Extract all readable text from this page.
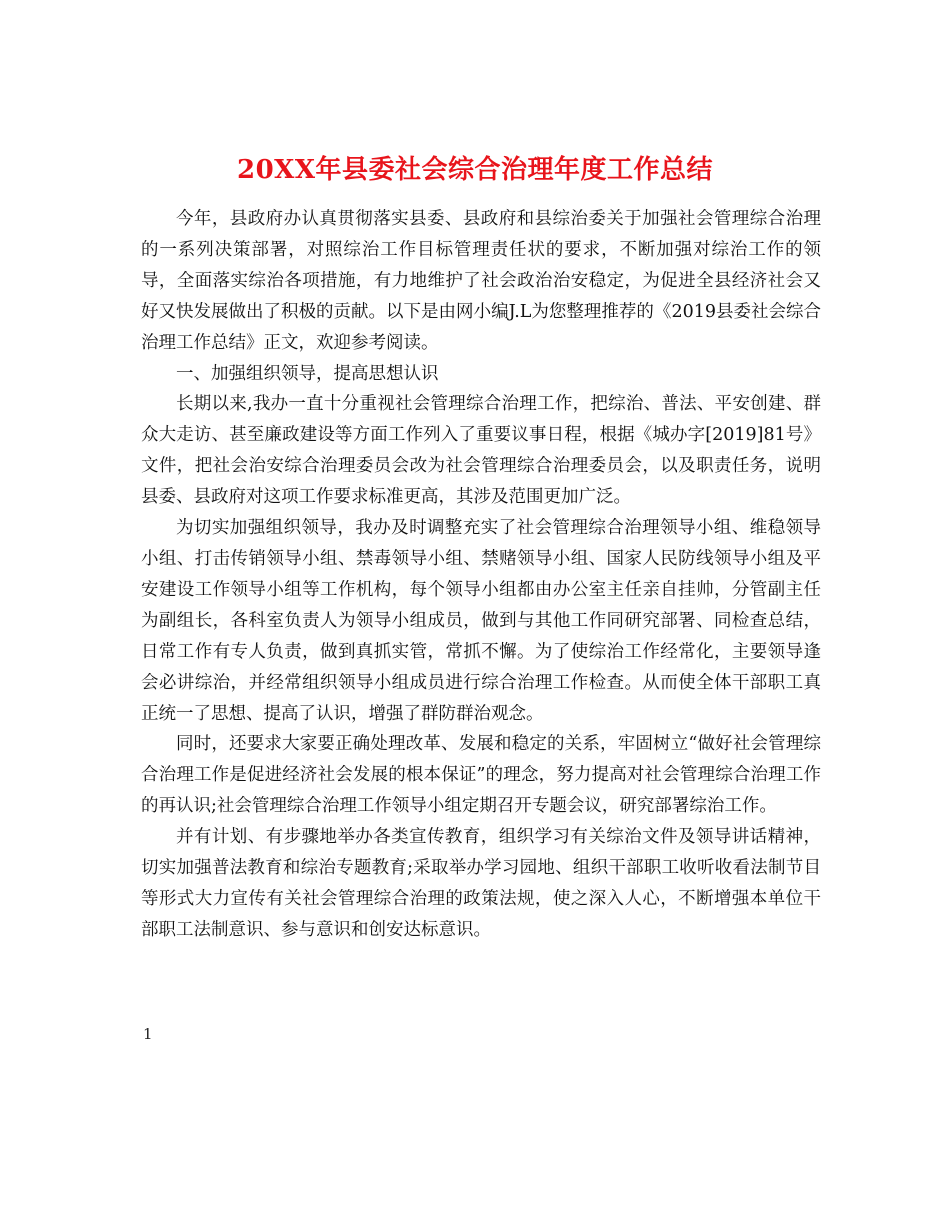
20XX年县委社会综合治理年度工作总结

今年，县政府办认真贯彻落实县委、县政府和县综治委关于加强社会管理综合治理的一系列决策部署，对照综治工作目标管理责任状的要求，不断加强对综治工作的领导，全面落实综治各项措施，有力地维护了社会政治治安稳定，为促进全县经济社会又好又快发展做出了积极的贡献。以下是由网小编J.L为您整理推荐的《2019县委社会综合治理工作总结》正文，欢迎参考阅读。

一、加强组织领导，提高思想认识

长期以来,我办一直十分重视社会管理综合治理工作，把综治、普法、平安创建、群众大走访、甚至廉政建设等方面工作列入了重要议事日程，根据《城办字[2019]81号》文件，把社会治安综合治理委员会改为社会管理综合治理委员会，以及职责任务，说明县委、县政府对这项工作要求标准更高，其涉及范围更加广泛。

为切实加强组织领导，我办及时调整充实了社会管理综合治理领导小组、维稳领导小组、打击传销领导小组、禁毒领导小组、禁赌领导小组、国家人民防线领导小组及平安建设工作领导小组等工作机构，每个领导小组都由办公室主任亲自挂帅，分管副主任为副组长，各科室负责人为领导小组成员，做到与其他工作同研究部署、同检查总结，日常工作有专人负责，做到真抓实管，常抓不懈。为了使综治工作经常化，主要领导逢会必讲综治，并经常组织领导小组成员进行综合治理工作检查。从而使全体干部职工真正统一了思想、提高了认识，增强了群防群治观念。

同时，还要求大家要正确处理改革、发展和稳定的关系，牢固树立“做好社会管理综合治理工作是促进经济社会发展的根本保证”的理念，努力提高对社会管理综合治理工作的再认识;社会管理综合治理工作领导小组定期召开专题会议，研究部署综治工作。

并有计划、有步骤地举办各类宣传教育，组织学习有关综治文件及领导讲话精神，切实加强普法教育和综治专题教育;采取举办学习园地、组织干部职工收听收看法制节目等形式大力宣传有关社会管理综合治理的政策法规，使之深入人心，不断增强本单位干部职工法制意识、参与意识和创安达标意识。

1
